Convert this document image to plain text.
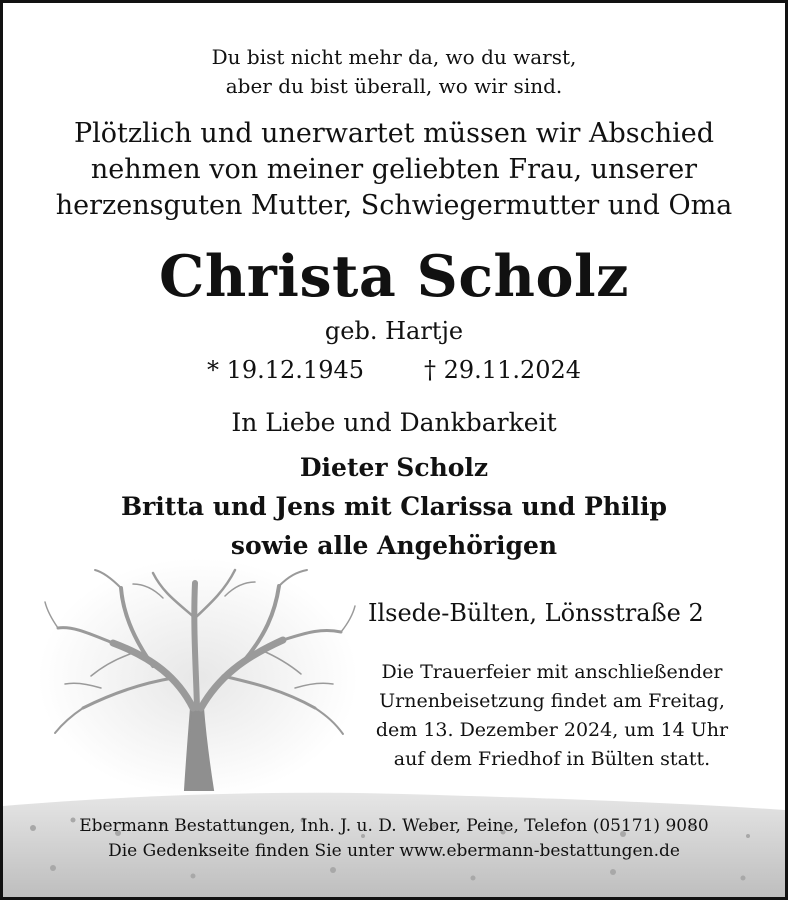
Du bist nicht mehr da, wo du warst,
aber du bist überall, wo wir sind.
Plötzlich und unerwartet müssen wir Abschied
nehmen von meiner geliebten Frau, unserer
herzensguten Mutter, Schwiegermutter und Oma
Christa Scholz
geb. Hartje
* 19.12.1945	† 29.11.2024
In Liebe und Dankbarkeit
Dieter Scholz
Britta und Jens mit Clarissa und Philip
sowie alle Angehörigen
Ilsede-Bülten, Lönsstraße 2
Die Trauerfeier mit anschließender
Urnenbeisetzung findet am Freitag,
dem 13. Dezember 2024, um 14 Uhr
auf dem Friedhof in Bülten statt.
Ebermann Bestattungen, Inh. J. u. D. Weber, Peine, Telefon (05171) 9080
Die Gedenkseite finden Sie unter www.ebermann-bestattungen.de
